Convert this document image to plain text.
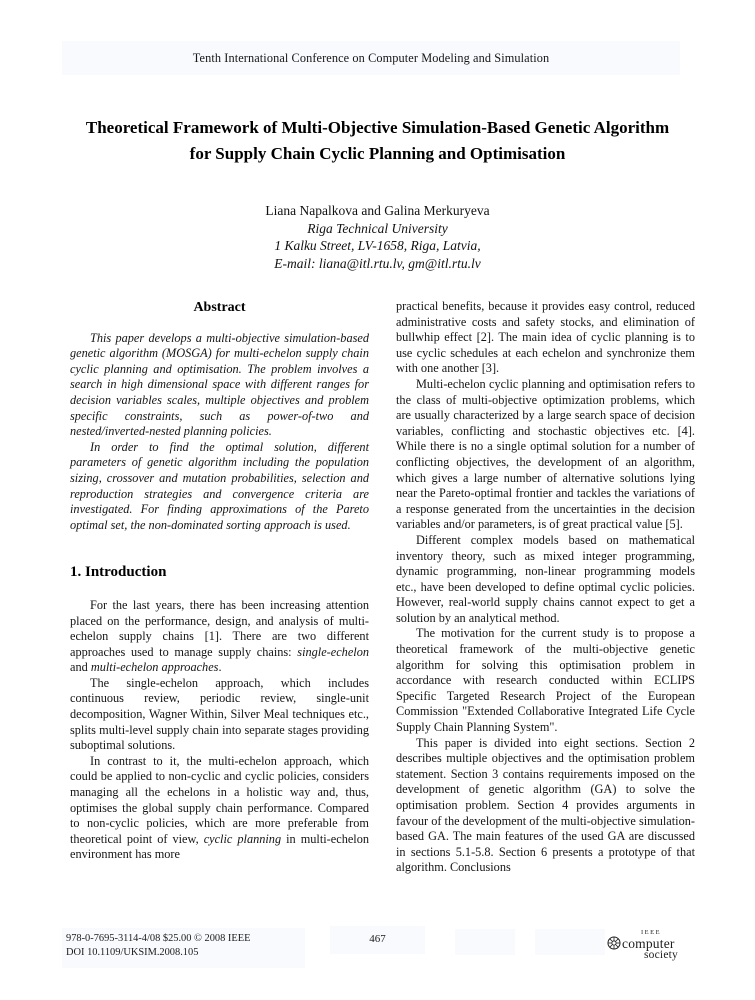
Tenth International Conference on Computer Modeling and Simulation
Theoretical Framework of Multi-Objective Simulation-Based Genetic Algorithm for Supply Chain Cyclic Planning and Optimisation
Liana Napalkova and Galina Merkuryeva
Riga Technical University
1 Kalku Street, LV-1658, Riga, Latvia,
E-mail: liana@itl.rtu.lv, gm@itl.rtu.lv
Abstract

This paper develops a multi-objective simulation-based genetic algorithm (MOSGA) for multi-echelon supply chain cyclic planning and optimisation. The problem involves a search in high dimensional space with different ranges for decision variables scales, multiple objectives and problem specific constraints, such as power-of-two and nested/inverted-nested planning policies.

In order to find the optimal solution, different parameters of genetic algorithm including the population sizing, crossover and mutation probabilities, selection and reproduction strategies and convergence criteria are investigated. For finding approximations of the Pareto optimal set, the non-dominated sorting approach is used.

1. Introduction

For the last years, there has been increasing attention placed on the performance, design, and analysis of multi-echelon supply chains [1]. There are two different approaches used to manage supply chains: single-echelon and multi-echelon approaches.

The single-echelon approach, which includes continuous review, periodic review, single-unit decomposition, Wagner Within, Silver Meal techniques etc., splits multi-level supply chain into separate stages providing suboptimal solutions.

In contrast to it, the multi-echelon approach, which could be applied to non-cyclic and cyclic policies, considers managing all the echelons in a holistic way and, thus, optimises the global supply chain performance. Compared to non-cyclic policies, which are more preferable from theoretical point of view, cyclic planning in multi-echelon environment has more

practical benefits, because it provides easy control, reduced administrative costs and safety stocks, and elimination of bullwhip effect [2]. The main idea of cyclic planning is to use cyclic schedules at each echelon and synchronize them with one another [3].

Multi-echelon cyclic planning and optimisation refers to the class of multi-objective optimization problems, which are usually characterized by a large search space of decision variables, conflicting and stochastic objectives etc. [4]. While there is no a single optimal solution for a number of conflicting objectives, the development of an algorithm, which gives a large number of alternative solutions lying near the Pareto-optimal frontier and tackles the variations of a response generated from the uncertainties in the decision variables and/or parameters, is of great practical value [5].

Different complex models based on mathematical inventory theory, such as mixed integer programming, dynamic programming, non-linear programming models etc., have been developed to define optimal cyclic policies. However, real-world supply chains cannot expect to get a solution by an analytical method.

The motivation for the current study is to propose a theoretical framework of the multi-objective genetic algorithm for solving this optimisation problem in accordance with research conducted within ECLIPS Specific Targeted Research Project of the European Commission "Extended Collaborative Integrated Life Cycle Supply Chain Planning System".

This paper is divided into eight sections. Section 2 describes multiple objectives and the optimisation problem statement. Section 3 contains requirements imposed on the development of genetic algorithm (GA) to solve the optimisation problem. Section 4 provides arguments in favour of the development of the multi-objective simulation-based GA. The main features of the used GA are discussed in sections 5.1-5.8. Section 6 presents a prototype of that algorithm. Conclusions

978-0-7695-3114-4/08 $25.00 © 2008 IEEE
DOI 10.1109/UKSIM.2008.105
467
IEEE
computer
society
